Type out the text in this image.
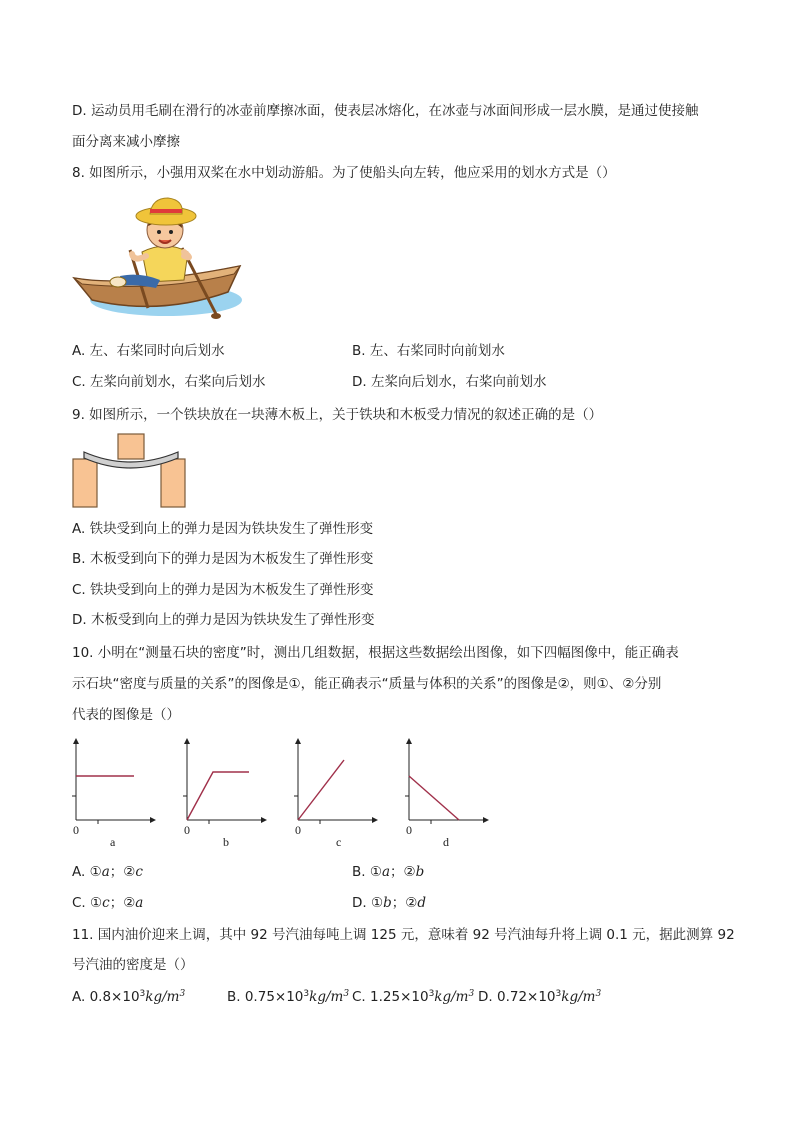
D. 运动员用毛刷在滑行的冰壶前摩擦冰面，使表层冰熔化，在冰壶与冰面间形成一层水膜，是通过使接触
面分离来减小摩擦
8. 如图所示，小强用双桨在水中划动游船。为了使船头向左转，他应采用的划水方式是（）
A. 左、右桨同时向后划水	B. 左、右桨同时向前划水
C. 左桨向前划水，右桨向后划水	D. 左桨向后划水，右桨向前划水
9. 如图所示，一个铁块放在一块薄木板上，关于铁块和木板受力情况的叙述正确的是（）
A. 铁块受到向上的弹力是因为铁块发生了弹性形变
B. 木板受到向下的弹力是因为木板发生了弹性形变
C. 铁块受到向上的弹力是因为木板发生了弹性形变
D. 木板受到向上的弹力是因为铁块发生了弹性形变
10. 小明在“测量石块的密度”时，测出几组数据，根据这些数据绘出图像，如下四幅图像中，能正确表
示石块“密度与质量的关系”的图像是①，能正确表示“质量与体积的关系”的图像是②，则①、②分别
代表的图像是（）
0
a
0
b
0
c
0
d
A. ①a；②c	B. ①a；②b
C. ①c；②a	D. ①b；②d
11. 国内油价迎来上调，其中 92 号汽油每吨上调 125 元，意味着 92 号汽油每升将上调 0.1 元，据此测算 92
号汽油的密度是（）
A. $0.8\times 10^3kg/m^3$	B. $0.75\times 10^3kg/m^3$ C. $1.25\times 10^3kg/m^3$ D. $0.72\times 10^3kg/m^3$
